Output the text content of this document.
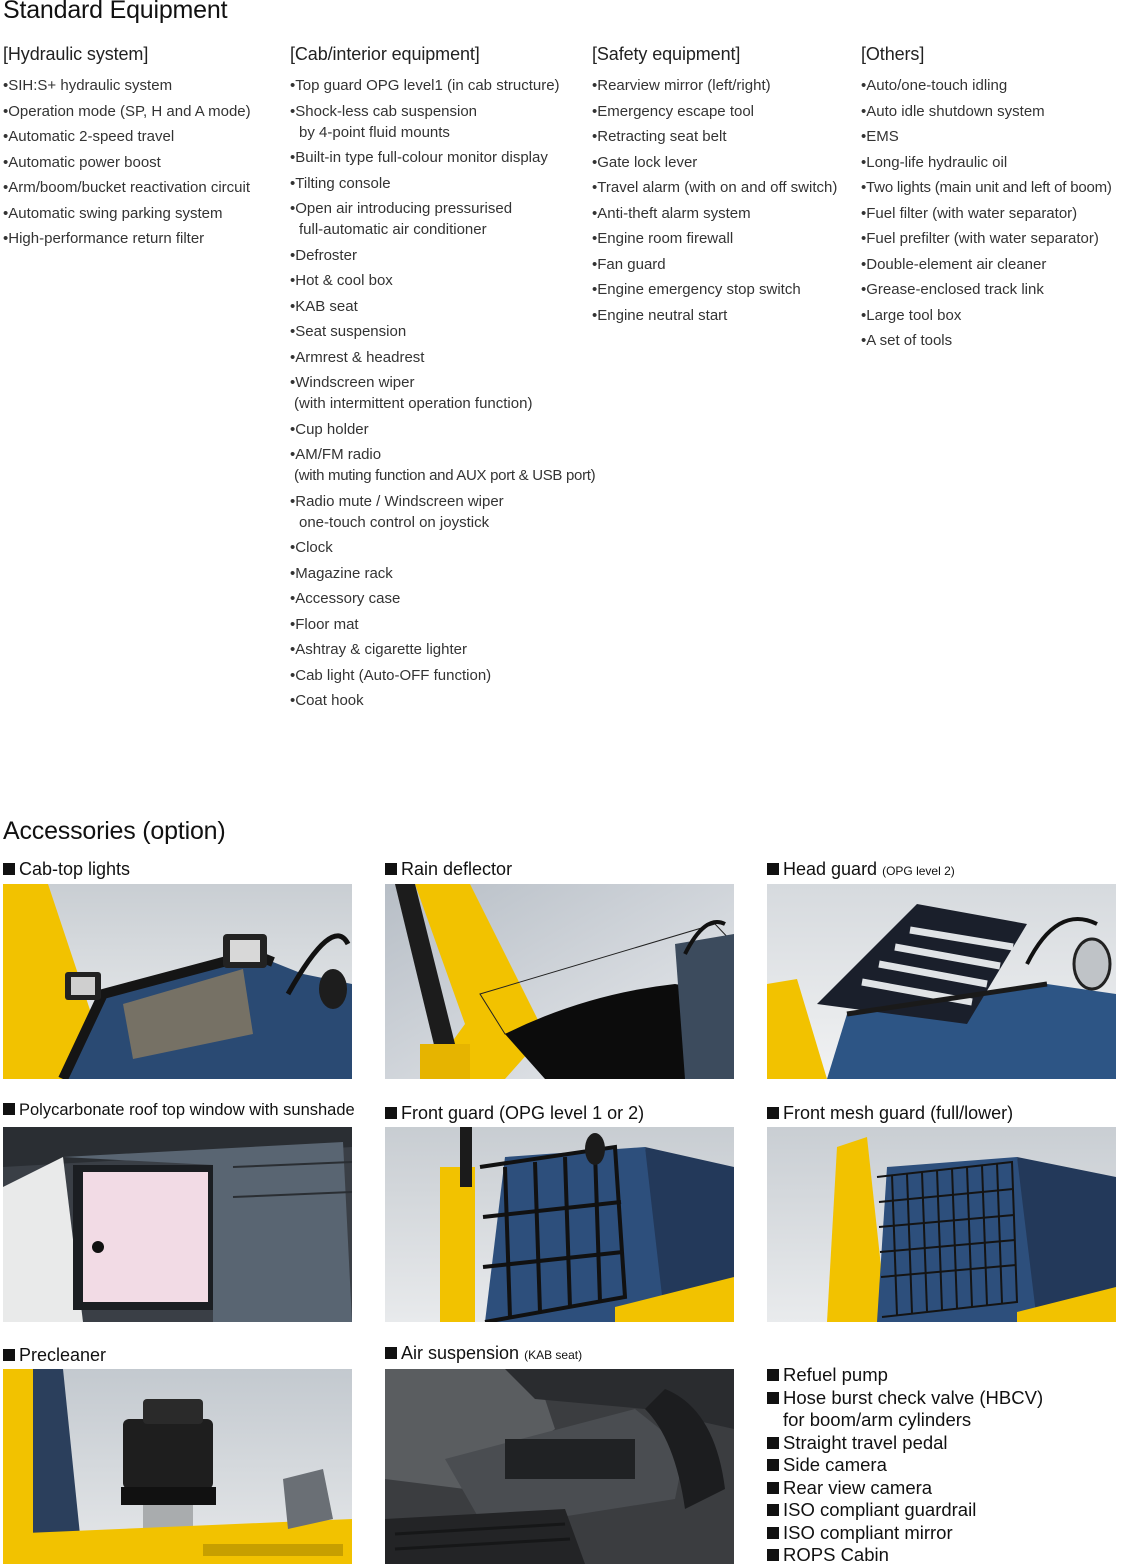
Standard Equipment
[Hydraulic system]
•SIH:S+ hydraulic system
•Operation mode (SP, H and A mode)
•Automatic 2-speed travel
•Automatic power boost
•Arm/boom/bucket reactivation circuit
•Automatic swing parking system
•High-performance return filter
[Cab/interior equipment]
•Top guard OPG level1 (in cab structure)
•Shock-less cab suspension
by 4-point fluid mounts
•Built-in type full-colour monitor display
•Tilting console
•Open air introducing pressurised
full-automatic air conditioner
•Defroster
•Hot & cool box
•KAB seat
•Seat suspension
•Armrest & headrest
•Windscreen wiper
(with intermittent operation function)
•Cup holder
•AM/FM radio
(with muting function and AUX port & USB port)
•Radio mute / Windscreen wiper
one-touch control on joystick
•Clock
•Magazine rack
•Accessory case
•Floor mat
•Ashtray & cigarette lighter
•Cab light (Auto-OFF function)
•Coat hook
[Safety equipment]
•Rearview mirror (left/right)
•Emergency escape tool
•Retracting seat belt
•Gate lock lever
•Travel alarm (with on and off switch)
•Anti-theft alarm system
•Engine room firewall
•Fan guard
•Engine emergency stop switch
•Engine neutral start
[Others]
•Auto/one-touch idling
•Auto idle shutdown system
•EMS
•Long-life hydraulic oil
•Two lights (main unit and left of boom)
•Fuel filter (with water separator)
•Fuel prefilter (with water separator)
•Double-element air cleaner
•Grease-enclosed track link
•Large tool box
•A set of tools
Accessories (option)
Cab-top lights	Rain deflector	Head guard (OPG level 2)
Polycarbonate roof top window with sunshade	Front guard (OPG level 1 or 2)	Front mesh guard (full/lower)
Precleaner	Air suspension (KAB seat)
Refuel pump
Hose burst check valve (HBCV)
for boom/arm cylinders
Straight travel pedal
Side camera
Rear view camera
ISO compliant guardrail
ISO compliant mirror
ROPS Cabin
